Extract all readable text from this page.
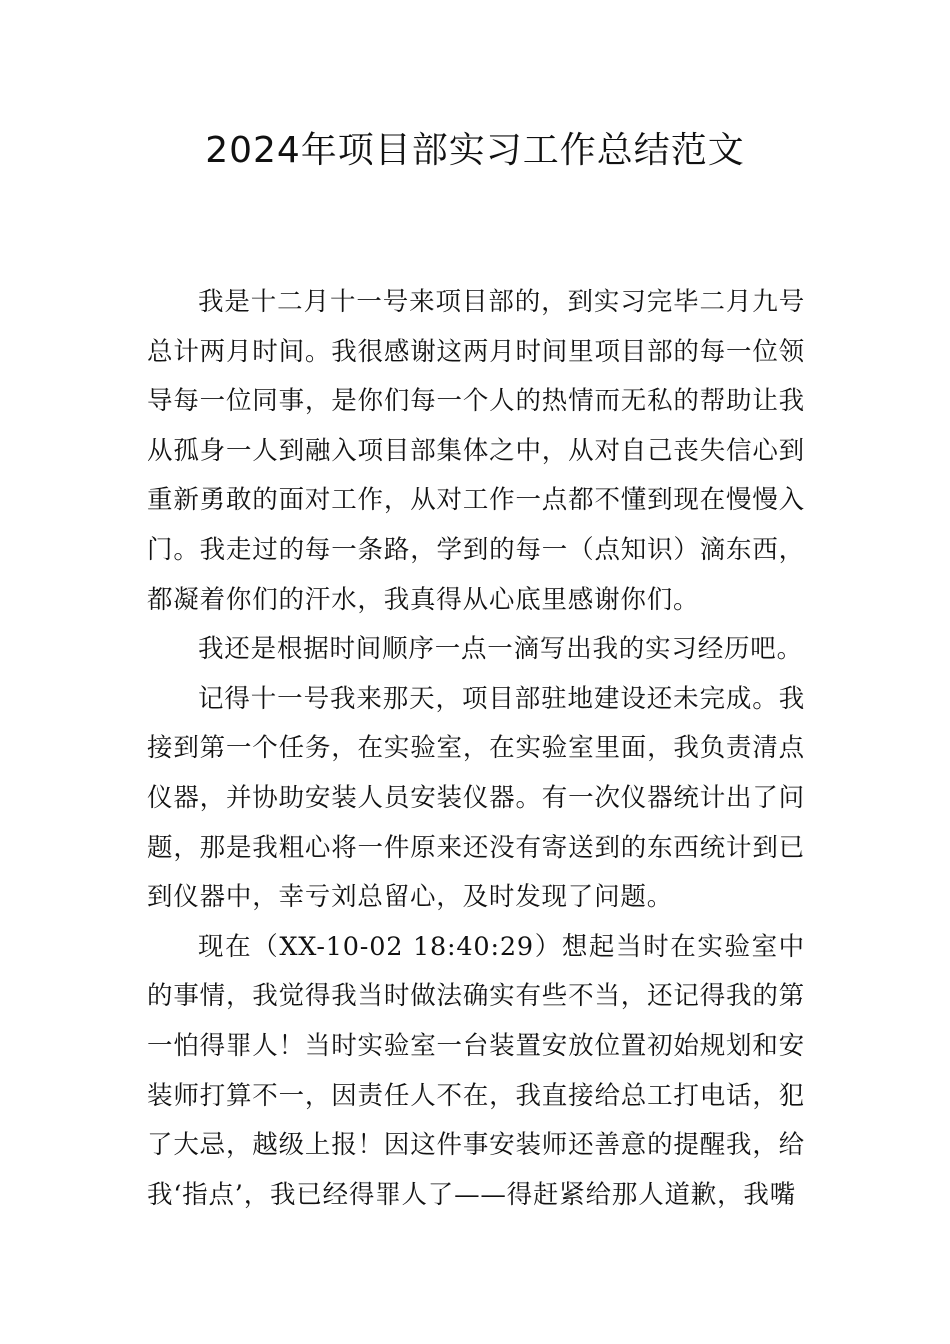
2024年项目部实习工作总结范文

我是十二月十一号来项目部的，到实习完毕二月九号总计两月时间。我很感谢这两月时间里项目部的每一位领导每一位同事，是你们每一个人的热情而无私的帮助让我从孤身一人到融入项目部集体之中，从对自己丧失信心到重新勇敢的面对工作，从对工作一点都不懂到现在慢慢入门。我走过的每一条路，学到的每一（点知识）滴东西，都凝着你们的汗水，我真得从心底里感谢你们。

我还是根据时间顺序一点一滴写出我的实习经历吧。

记得十一号我来那天，项目部驻地建设还未完成。我接到第一个任务，在实验室，在实验室里面，我负责清点仪器，并协助安装人员安装仪器。有一次仪器统计出了问题，那是我粗心将一件原来还没有寄送到的东西统计到已到仪器中，幸亏刘总留心，及时发现了问题。

现在（XX-10-02 18:40:29）想起当时在实验室中的事情，我觉得我当时做法确实有些不当，还记得我的第一怕得罪人！当时实验室一台装置安放位置初始规划和安装师打算不一，因责任人不在，我直接给总工打电话，犯了大忌，越级上报！因这件事安装师还善意的提醒我，给我‘指点’，我已经得罪人了——得赶紧给那人道歉，我嘴
